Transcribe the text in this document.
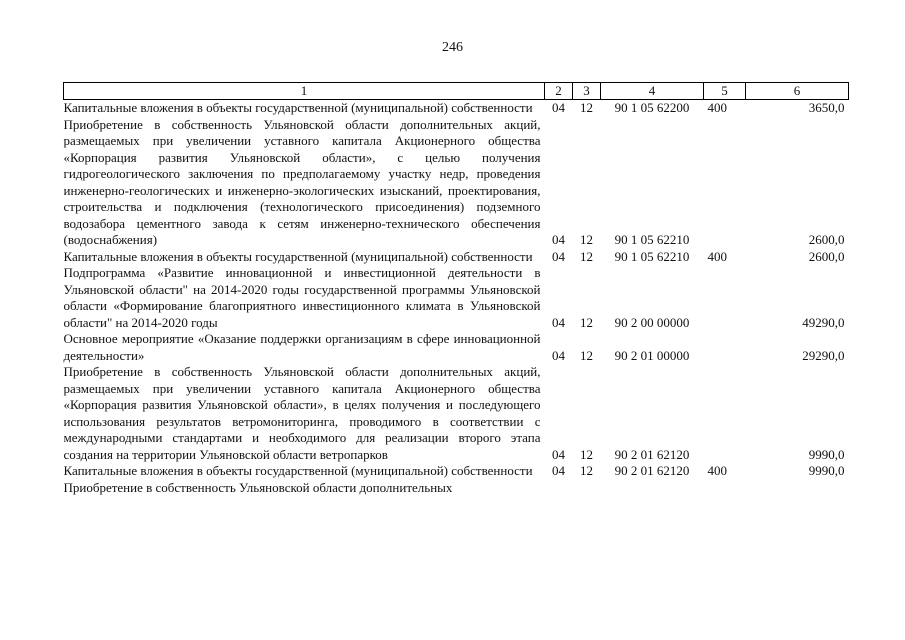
246
1	2	3	4	5	6
Капитальные вложения в объекты государственной (муниципальной) собственности	04	12	90 1 05 62200	400	3650,0
Приобретение в собственность Ульяновской области дополнительных акций, размещаемых при увеличении уставного капитала Акционерного общества «Корпорация развития Ульяновской области», с целью получения гидрогеологического заключения по предполагаемому участку недр, проведения инженерно-геологических и инженерно-экологических изысканий, проектирования, строительства и подключения (технологического присоединения) подземного водозабора цементного завода к сетям инженерно-технического обеспечения (водоснабжения)	04	12	90 1 05 62210		2600,0
Капитальные вложения в объекты государственной (муниципальной) собственности	04	12	90 1 05 62210	400	2600,0
Подпрограмма «Развитие инновационной и инвестиционной деятельности в Ульяновской области" на 2014-2020 годы государственной программы Ульяновской области «Формирование благоприятного инвестиционного климата в Ульяновской области" на 2014-2020 годы	04	12	90 2 00 00000		49290,0
Основное мероприятие «Оказание поддержки организациям в сфере инновационной деятельности»	04	12	90 2 01 00000		29290,0
Приобретение в собственность Ульяновской области дополнительных акций, размещаемых при увеличении уставного капитала Акционерного общества «Корпорация развития Ульяновской области», в целях получения и последующего использования результатов ветромониторинга, проводимого в соответствии с международными стандартами и необходимого для реализации второго этапа создания на территории Ульяновской области ветропарков	04	12	90 2 01 62120		9990,0
Капитальные вложения в объекты государственной (муниципальной) собственности	04	12	90 2 01 62120	400	9990,0
Приобретение в собственность Ульяновской области дополнительных					
